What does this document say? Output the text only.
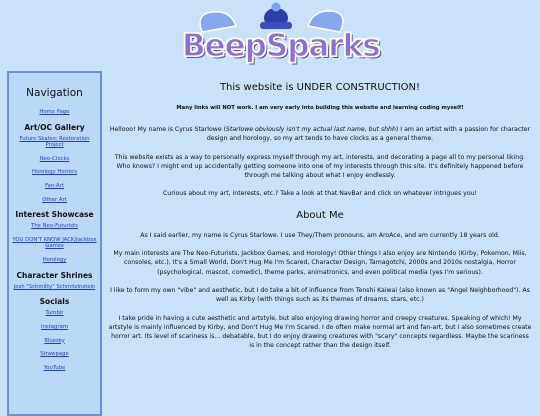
BeepSparks
Navigation
Home Page
Art/OC Gallery
Future Skates: Restoration Project
Neo-Clocks
Horology Horrors
Fan-Art
Other Art
Interest Showcase
The Neo-Futurists
YOU DON'T KNOW JACK/Jackbox Games
Horology
Character Shrines
Josh "Schmitty" Schmitzinstein
Socials
Tumblr
Instagram
Bluesky
Strawpage
YouTube
This website is UNDER CONSTRUCTION!
Many links will NOT work. I am very early into building this website and learning coding myself!

Hellooo! My name is Cyrus Starlowe (Starlowe obviously isn't my actual last name, but shhh) I am an artist with a passion for character design and horology, so my art tends to have clocks as a general theme.

This website exists as a way to personally express myself through my art, interests, and decorating a page all to my personal liking. Who knows? I might end up accidentally getting someone into one of my interests through this site. It's definitely happened before through me talking about what I enjoy endlessly.

Curious about my art, interests, etc.? Take a look at that NavBar and click on whatever intrigues you!

About Me

As I said earlier, my name is Cyrus Starlowe. I use They/Them pronouns, am AroAce, and am currently 18 years old.

My main interests are The Neo-Futurists, Jackbox Games, and Horology! Other things I also enjoy are Nintendo (Kirby, Pokemon, Miis, consoles, etc.), It's a Small World, Don't Hug Me I'm Scared, Character Design, Tamagotchi, 2000s and 2010s nostalgia, Horror (psychological, mascot, comedic), theme parks, animatronics, and even political media (yes I'm serious).

I like to form my own "vibe" and aesthetic, but I do take a bit of influence from Tenshi Kaiwai (also known as "Angel Neighborhood"). As well as Kirby (with things such as its themes of dreams, stars, etc.)

I take pride in having a cute aesthetic and artstyle, but also enjoying drawing horror and creepy creatures. Speaking of which! My artstyle is mainly influenced by Kirby, and Don't Hug Me I'm Scared. I do often make normal art and fan-art, but I also sometimes create horror art. Its level of scariness is... debatable, but I do enjoy drawing creatures with "scary" concepts regardless. Maybe the scariness is in the concept rather than the design itself.
